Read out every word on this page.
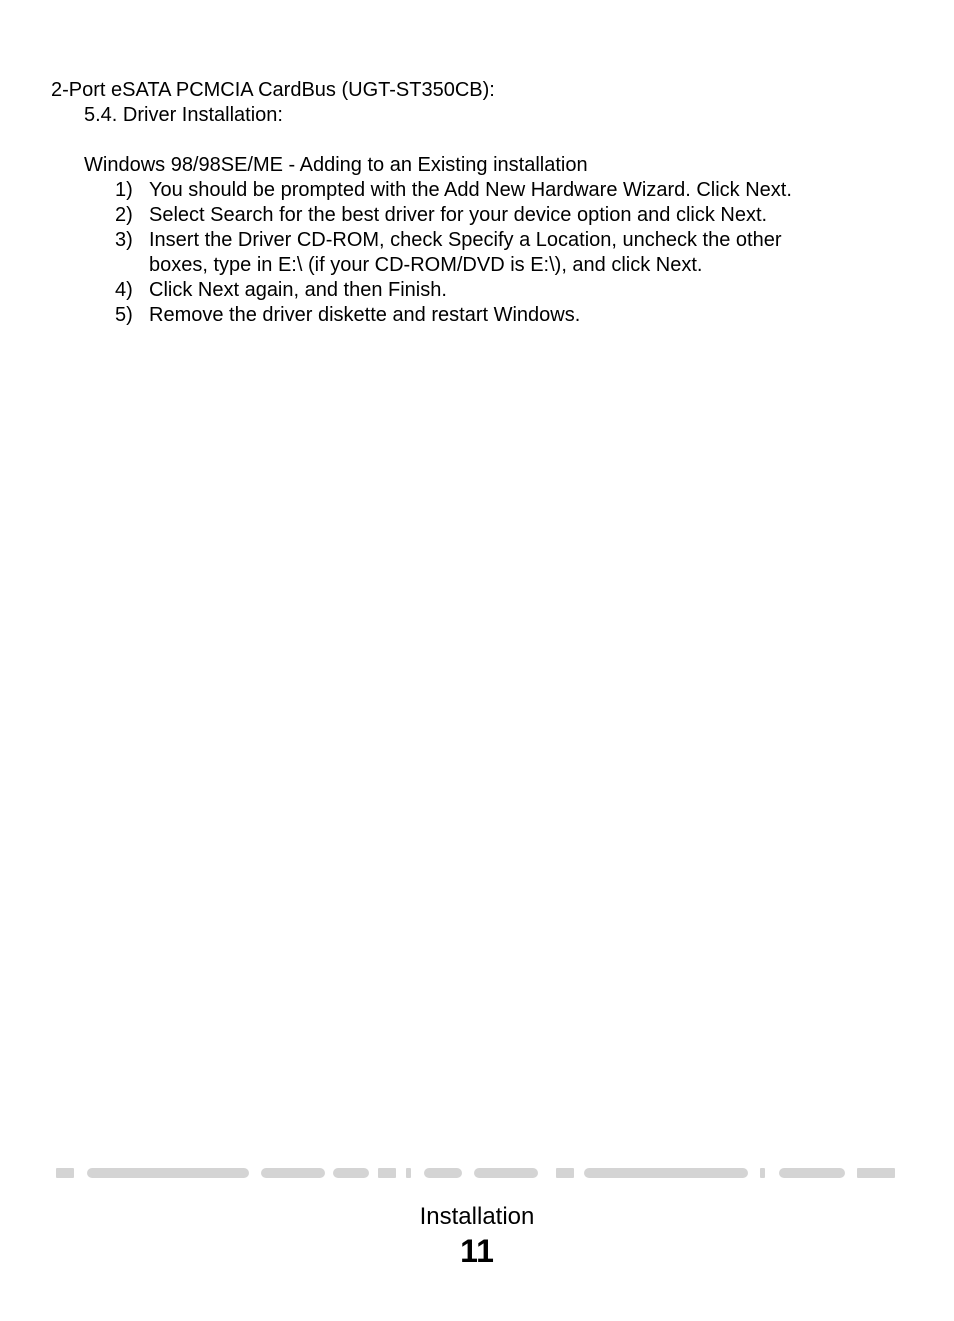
2-Port eSATA PCMCIA CardBus (UGT-ST350CB):
5.4. Driver Installation:
Windows 98/98SE/ME - Adding to an Existing installation
1) You should be prompted with the Add New Hardware Wizard. Click Next.
2) Select Search for the best driver for your device option and click Next.
3) Insert the Driver CD-ROM, check Specify a Location, uncheck the other
boxes, type in E:\ (if your CD-ROM/DVD is E:\), and click Next.
4) Click Next again, and then Finish.
5) Remove the driver diskette and restart Windows.
Installation
11
